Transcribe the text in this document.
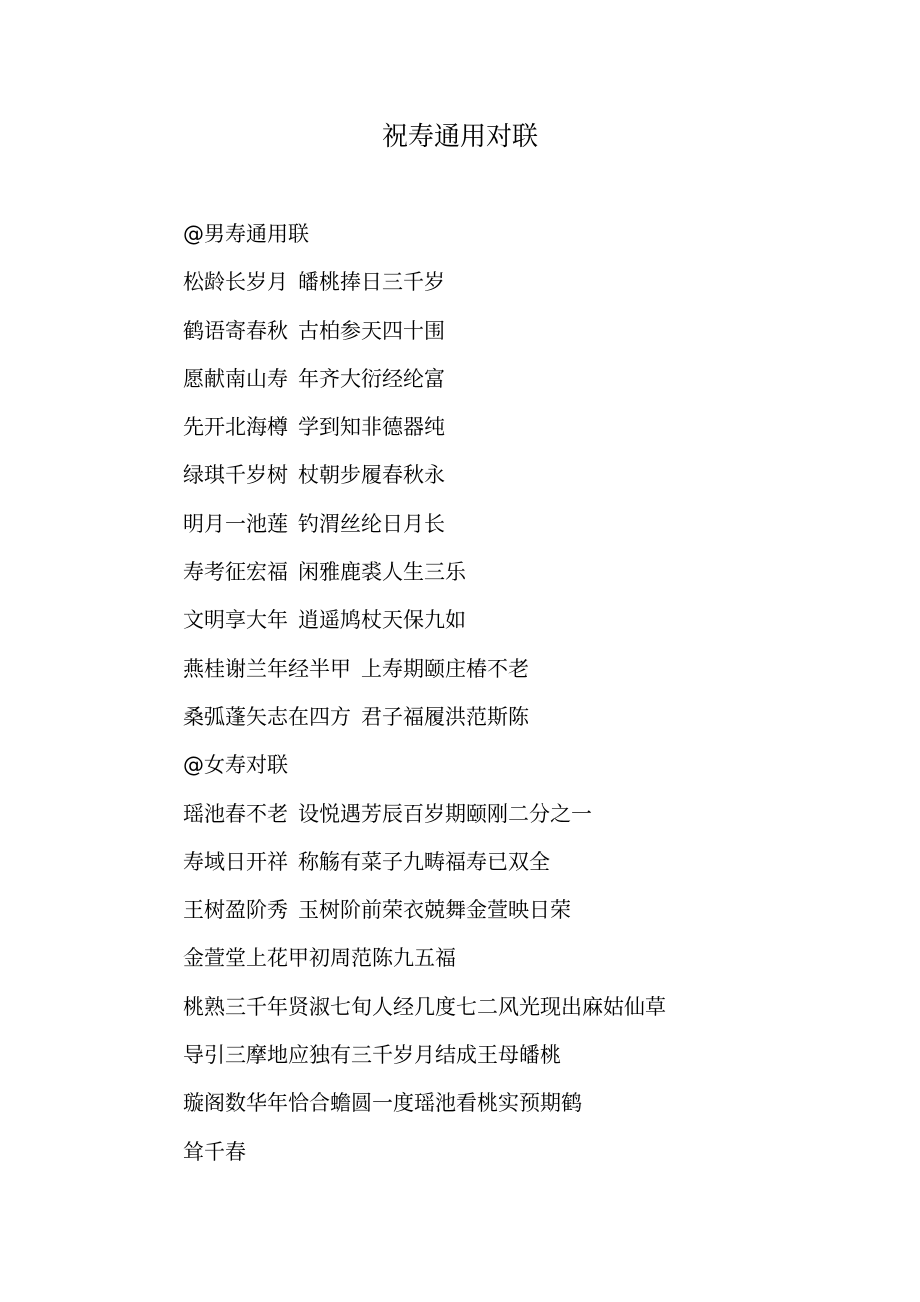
祝寿通用对联
@男寿通用联
松龄长岁月 皤桃捧日三千岁
鹤语寄春秋 古柏参天四十围
愿献南山寿 年齐大衍经纶富
先开北海樽 学到知非德器纯
绿琪千岁树 杖朝步履春秋永
明月一池莲 钓渭丝纶日月长
寿考征宏福 闲雅鹿裘人生三乐
文明享大年 逍遥鸠杖天保九如
燕桂谢兰年经半甲 上寿期颐庄椿不老
桑弧蓬矢志在四方 君子福履洪范斯陈
@女寿对联
瑶池春不老 设悦遇芳辰百岁期颐刚二分之一
寿域日开祥 称觞有菜子九畴福寿已双全
王树盈阶秀 玉树阶前荣衣兢舞金萱映日荣
金萱堂上花甲初周范陈九五福
桃熟三千年贤淑七旬人经几度七二风光现出麻姑仙草
导引三摩地应独有三千岁月结成王母皤桃
璇阁数华年恰合蟾圆一度瑶池看桃实预期鹤
耸千春
